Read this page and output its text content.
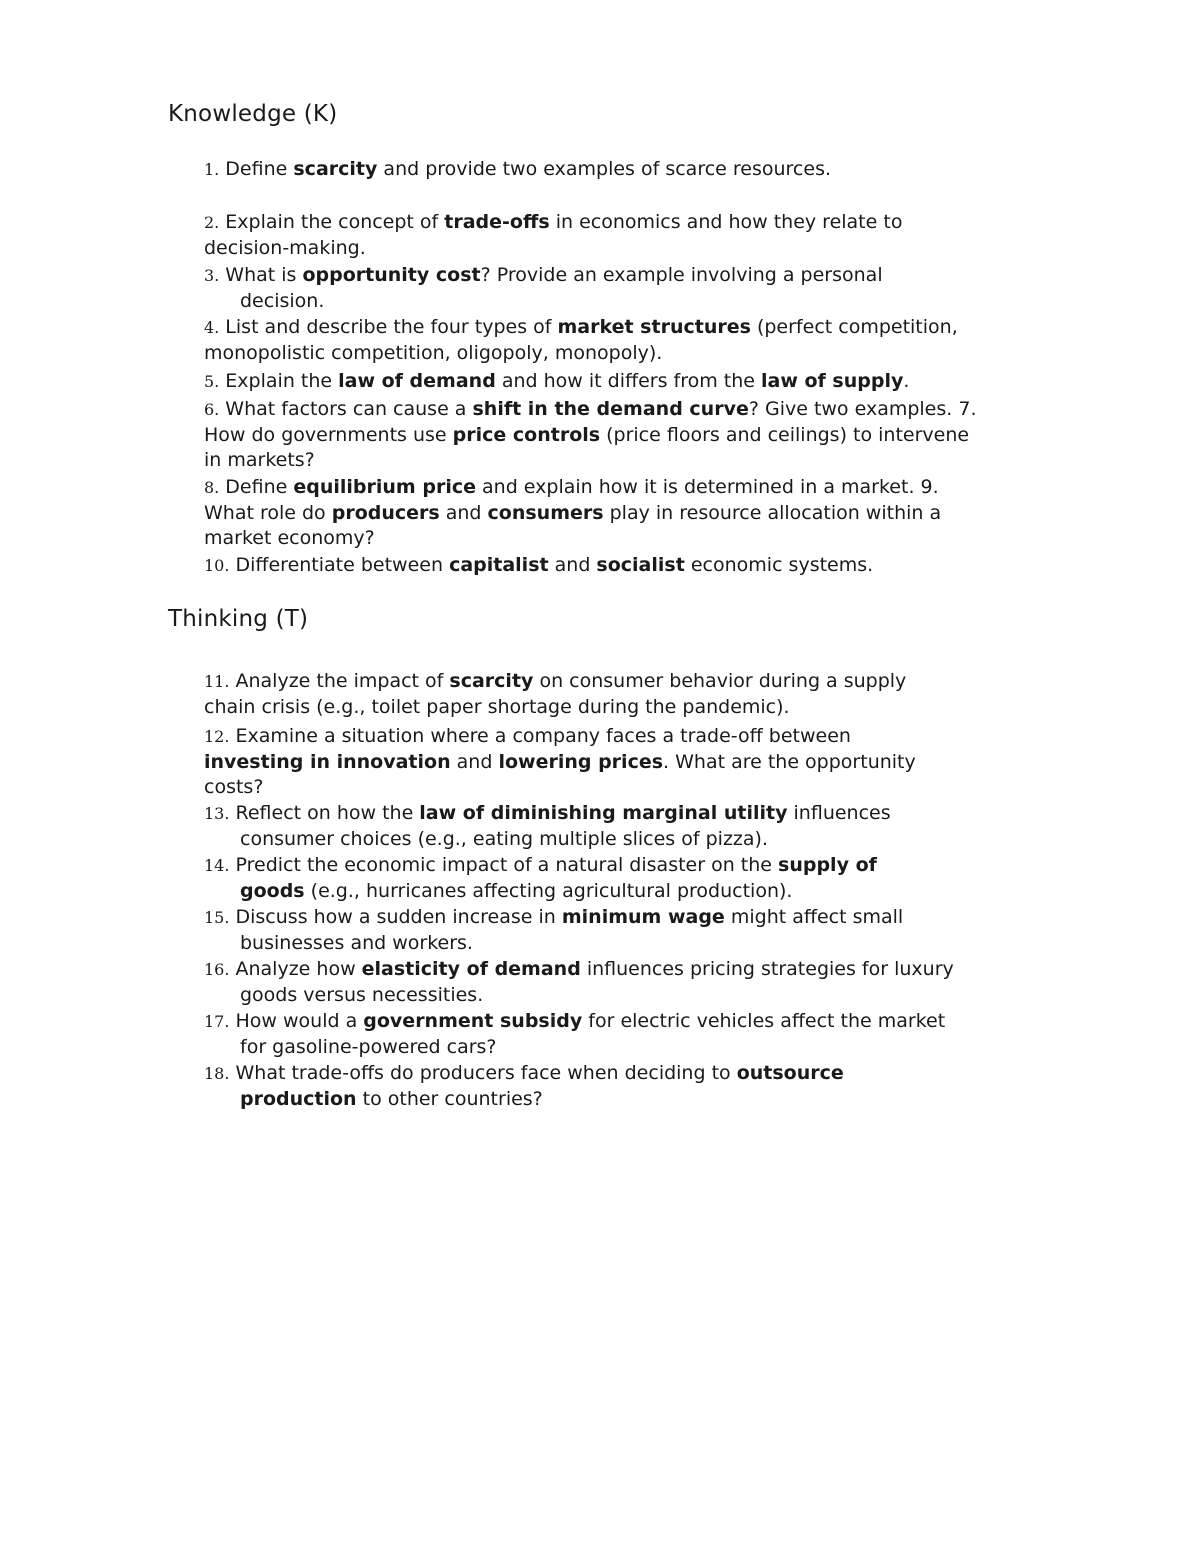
Knowledge (K)

1. Define scarcity and provide two examples of scarce resources.

2. Explain the concept of trade-offs in economics and how they relate to
decision-making.

3. What is opportunity cost? Provide an example involving a personal
decision.

4. List and describe the four types of market structures (perfect competition,
monopolistic competition, oligopoly, monopoly).

5. Explain the law of demand and how it differs from the law of supply.

6. What factors can cause a shift in the demand curve? Give two examples. 7.
How do governments use price controls (price floors and ceilings) to intervene
in markets?

8. Define equilibrium price and explain how it is determined in a market. 9.
What role do producers and consumers play in resource allocation within a
market economy?

10. Differentiate between capitalist and socialist economic systems.

Thinking (T)

11. Analyze the impact of scarcity on consumer behavior during a supply
chain crisis (e.g., toilet paper shortage during the pandemic).

12. Examine a situation where a company faces a trade-off between
investing in innovation and lowering prices. What are the opportunity
costs?

13. Reflect on how the law of diminishing marginal utility influences
consumer choices (e.g., eating multiple slices of pizza).

14. Predict the economic impact of a natural disaster on the supply of
goods (e.g., hurricanes affecting agricultural production).

15. Discuss how a sudden increase in minimum wage might affect small
businesses and workers.

16. Analyze how elasticity of demand influences pricing strategies for luxury
goods versus necessities.

17. How would a government subsidy for electric vehicles affect the market
for gasoline-powered cars?

18. What trade-offs do producers face when deciding to outsource
production to other countries?
